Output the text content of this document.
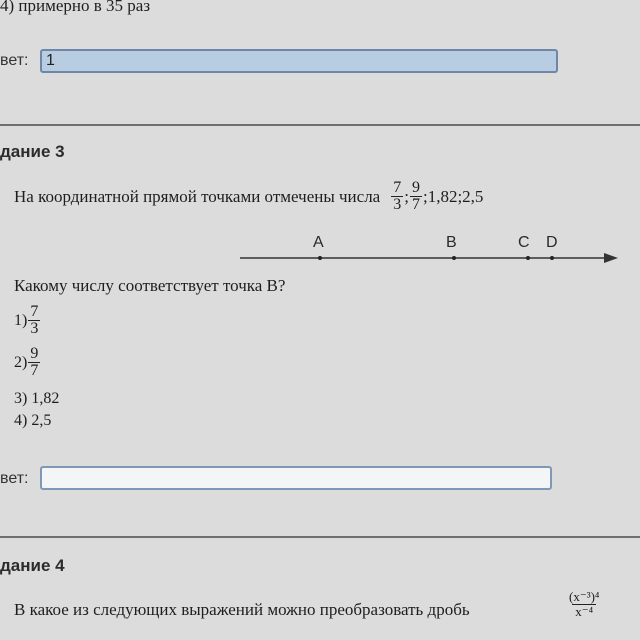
4) примерно в 35 раз
вет:	1
дание 3
На координатной прямой точками отмечены числа $\frac{7}{3}$ ; $\frac{9}{7}$ ;1,82;2,5
A	B	C D
Какому числу соответствует точка B?
$1) \frac{7}{3}$
$2) \frac{9}{7}$
3) 1,82
4) 2,5
вет:
дание 4
В какое из следующих выражений можно преобразовать дробь	$\frac{\text{(x⁻³)⁴}}{\text{x⁻⁴}}$
